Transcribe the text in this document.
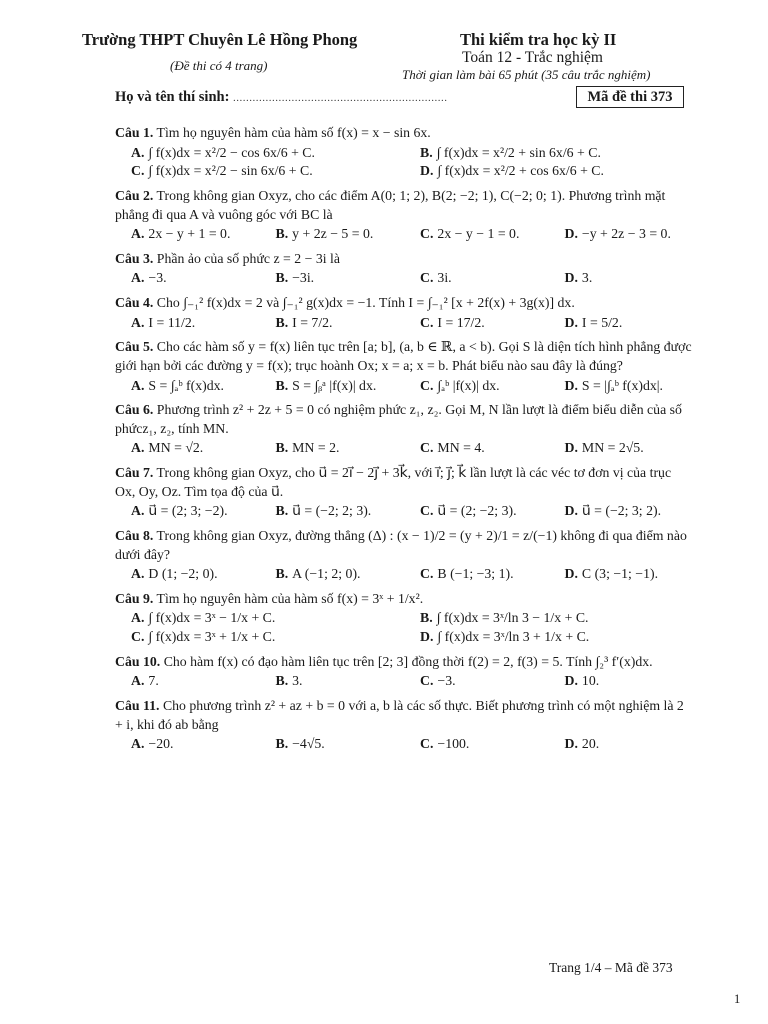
Trường THPT Chuyên Lê Hồng Phong
(Đề thi có 4 trang)
Thi kiểm tra học kỳ II
Toán 12 - Trắc nghiệm
Thời gian làm bài 65 phút (35 câu trắc nghiệm)
Họ và tên thí sinh: ..................................................................	Mã đề thi 373
Câu 1. Tìm họ nguyên hàm của hàm số f(x) = x − sin 6x.
A. ∫ f(x)dx = x²/2 − cos 6x/6 + C.	B. ∫ f(x)dx = x²/2 + sin 6x/6 + C.
C. ∫ f(x)dx = x²/2 − sin 6x/6 + C.	D. ∫ f(x)dx = x²/2 + cos 6x/6 + C.
Câu 2. Trong không gian Oxyz, cho các điểm A(0; 1; 2), B(2; −2; 1), C(−2; 0; 1). Phương trình mặt phẳng đi qua A và vuông góc với BC là
A. 2x − y + 1 = 0.	B. y + 2z − 5 = 0.	C. 2x − y − 1 = 0.	D. −y + 2z − 3 = 0.
Câu 3. Phần ảo của số phức z = 2 − 3i là
A. −3.	B. −3i.	C. 3i.	D. 3.
Câu 4. Cho ∫₋₁² f(x)dx = 2 và ∫₋₁² g(x)dx = −1. Tính I = ∫₋₁² [x + 2f(x) + 3g(x)] dx.
A. I = 11/2.	B. I = 7/2.	C. I = 17/2.	D. I = 5/2.
Câu 5. Cho các hàm số y = f(x) liên tục trên [a; b], (a, b ∈ ℝ, a < b). Gọi S là diện tích hình phẳng được giới hạn bởi các đường y = f(x); trục hoành Ox; x = a; x = b. Phát biểu nào sau đây là đúng?
A. S = ∫ₐᵇ f(x)dx.	B. S = ∫ᵦᵃ |f(x)| dx.	C. ∫ₐᵇ |f(x)| dx.	D. S = |∫ₐᵇ f(x)dx|.
Câu 6. Phương trình z² + 2z + 5 = 0 có nghiệm phức z₁, z₂. Gọi M, N lần lượt là điểm biểu diễn của số phứcz₁, z₂, tính MN.
A. MN = √2.	B. MN = 2.	C. MN = 4.	D. MN = 2√5.
Câu 7. Trong không gian Oxyz, cho u⃗ = 2i⃗ − 2j⃗ + 3k⃗, với i⃗; j⃗; k⃗ lần lượt là các véc tơ đơn vị của trục Ox, Oy, Oz. Tìm tọa độ của u⃗.
A. u⃗ = (2; 3; −2).	B. u⃗ = (−2; 2; 3).	C. u⃗ = (2; −2; 3).	D. u⃗ = (−2; 3; 2).
Câu 8. Trong không gian Oxyz, đường thẳng (Δ) : (x − 1)/2 = (y + 2)/1 = z/(−1) không đi qua điểm nào dưới đây?
A. D (1; −2; 0).	B. A (−1; 2; 0).	C. B (−1; −3; 1).	D. C (3; −1; −1).
Câu 9. Tìm họ nguyên hàm của hàm số f(x) = 3ˣ + 1/x².
A. ∫ f(x)dx = 3ˣ − 1/x + C.	B. ∫ f(x)dx = 3ˣ/ln 3 − 1/x + C.
C. ∫ f(x)dx = 3ˣ + 1/x + C.	D. ∫ f(x)dx = 3ˣ/ln 3 + 1/x + C.
Câu 10. Cho hàm f(x) có đạo hàm liên tục trên [2; 3] đồng thời f(2) = 2, f(3) = 5. Tính ∫₂³ f′(x)dx.
A. 7.	B. 3.	C. −3.	D. 10.
Câu 11. Cho phương trình z² + az + b = 0 với a, b là các số thực. Biết phương trình có một nghiệm là 2 + i, khi đó ab bằng
A. −20.	B. −4√5.	C. −100.	D. 20.
Trang 1/4 – Mã đề 373
1
